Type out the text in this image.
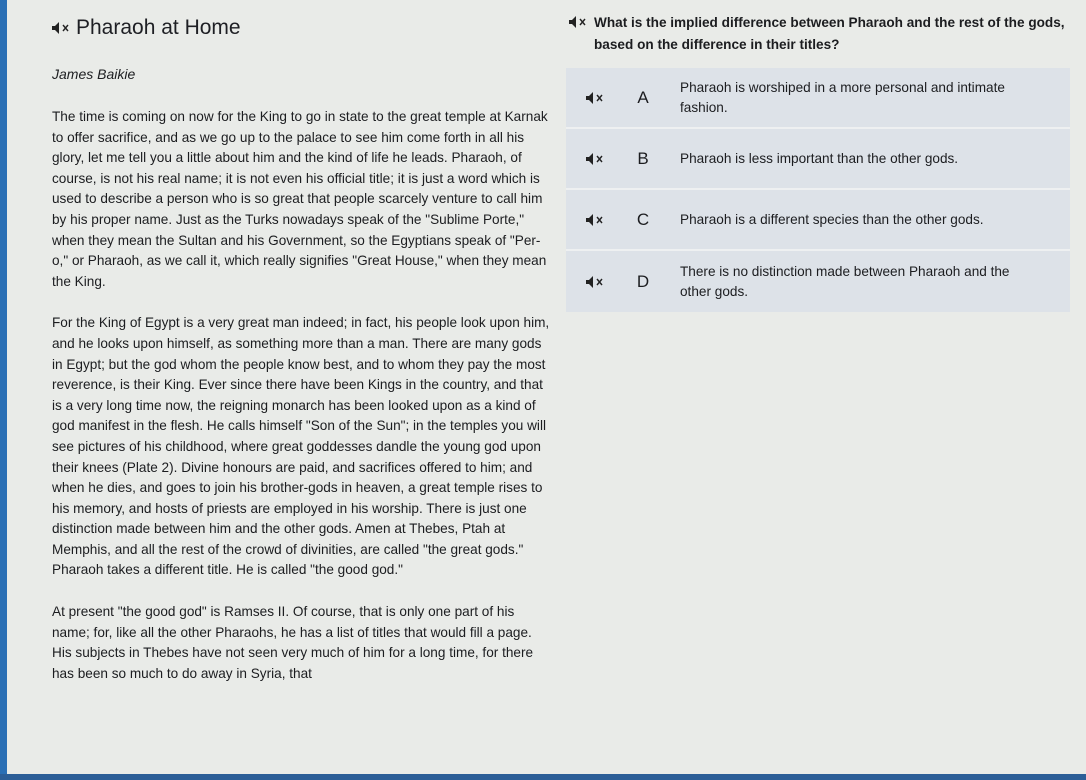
Pharaoh at Home
James Baikie

The time is coming on now for the King to go in state to the great temple at Karnak to offer sacrifice, and as we go up to the palace to see him come forth in all his glory, let me tell you a little about him and the kind of life he leads. Pharaoh, of course, is not his real name; it is not even his official title; it is just a word which is used to describe a person who is so great that people scarcely venture to call him by his proper name. Just as the Turks nowadays speak of the "Sublime Porte," when they mean the Sultan and his Government, so the Egyptians speak of "Per-o," or Pharaoh, as we call it, which really signifies "Great House," when they mean the King.

For the King of Egypt is a very great man indeed; in fact, his people look upon him, and he looks upon himself, as something more than a man. There are many gods in Egypt; but the god whom the people know best, and to whom they pay the most reverence, is their King. Ever since there have been Kings in the country, and that is a very long time now, the reigning monarch has been looked upon as a kind of god manifest in the flesh. He calls himself "Son of the Sun"; in the temples you will see pictures of his childhood, where great goddesses dandle the young god upon their knees (Plate 2). Divine honours are paid, and sacrifices offered to him; and when he dies, and goes to join his brother-gods in heaven, a great temple rises to his memory, and hosts of priests are employed in his worship. There is just one distinction made between him and the other gods. Amen at Thebes, Ptah at Memphis, and all the rest of the crowd of divinities, are called "the great gods." Pharaoh takes a different title. He is called "the good god."

At present "the good god" is Ramses II. Of course, that is only one part of his name; for, like all the other Pharaohs, he has a list of titles that would fill a page. His subjects in Thebes have not seen very much of him for a long time, for there has been so much to do away in Syria, that

What is the implied difference between Pharaoh and the rest of the gods, based on the difference in their titles?
A
Pharaoh is worshiped in a more personal and intimate fashion.
B	Pharaoh is less important than the other gods.
C	Pharaoh is a different species than the other gods.
D
There is no distinction made between Pharaoh and the other gods.
